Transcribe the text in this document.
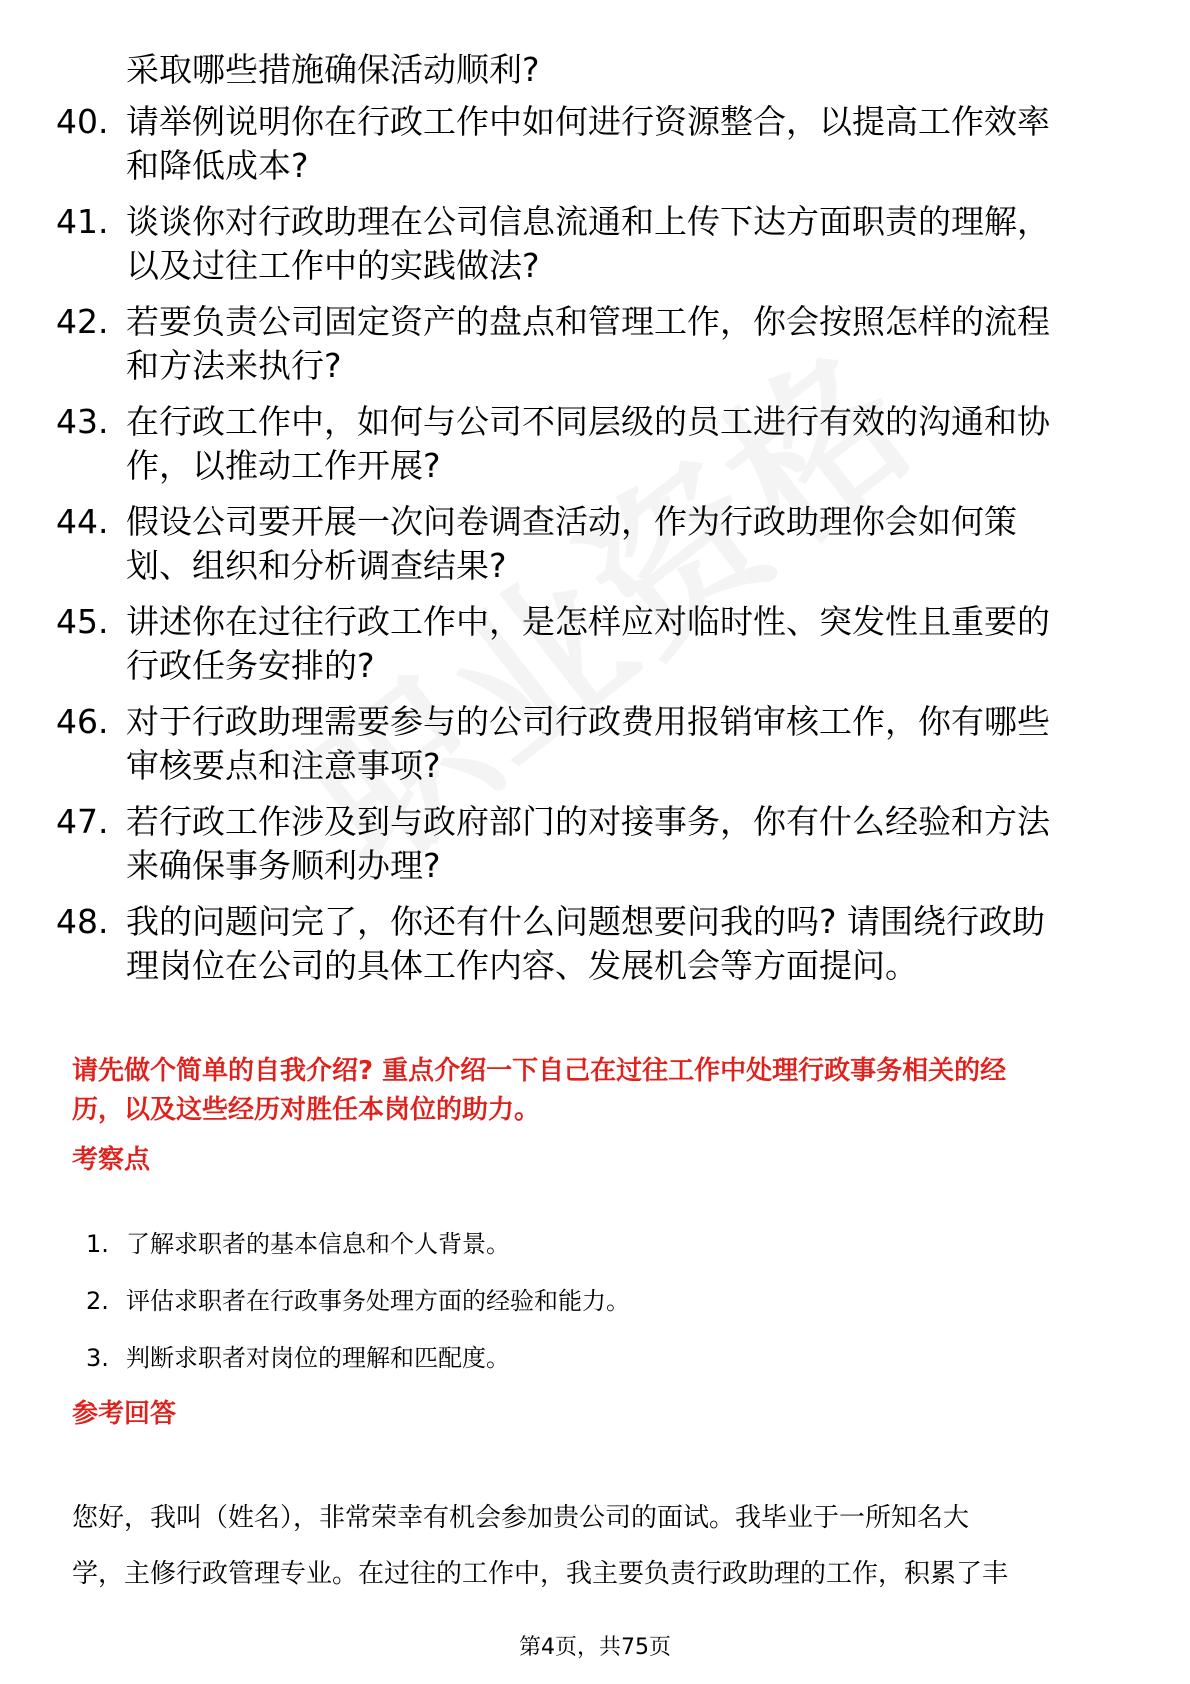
采取哪些措施确保活动顺利?
40. 请举例说明你在行政工作中如何进行资源整合，以提高工作效率
和降低成本?
41. 谈谈你对行政助理在公司信息流通和上传下达方面职责的理解，
以及过往工作中的实践做法?
42. 若要负责公司固定资产的盘点和管理工作，你会按照怎样的流程
和方法来执行?
43. 在行政工作中，如何与公司不同层级的员工进行有效的沟通和协
作，以推动工作开展?
44. 假设公司要开展一次问卷调查活动，作为行政助理你会如何策
划、组织和分析调查结果?
45. 讲述你在过往行政工作中，是怎样应对临时性、突发性且重要的
行政任务安排的?
46. 对于行政助理需要参与的公司行政费用报销审核工作，你有哪些
审核要点和注意事项?
47. 若行政工作涉及到与政府部门的对接事务，你有什么经验和方法
来确保事务顺利办理?
48. 我的问题问完了，你还有什么问题想要问我的吗? 请围绕行政助
理岗位在公司的具体工作内容、发展机会等方面提问。
请先做个简单的自我介绍? 重点介绍一下自己在过往工作中处理行政事务相关的经
历，以及这些经历对胜任本岗位的助力。
考察点
1. 了解求职者的基本信息和个人背景。
2. 评估求职者在行政事务处理方面的经验和能力。
3. 判断求职者对岗位的理解和匹配度。
参考回答
您好，我叫（姓名），非常荣幸有机会参加贵公司的面试。我毕业于一所知名大
学，主修行政管理专业。在过往的工作中，我主要负责行政助理的工作，积累了丰
第4页，共75页
